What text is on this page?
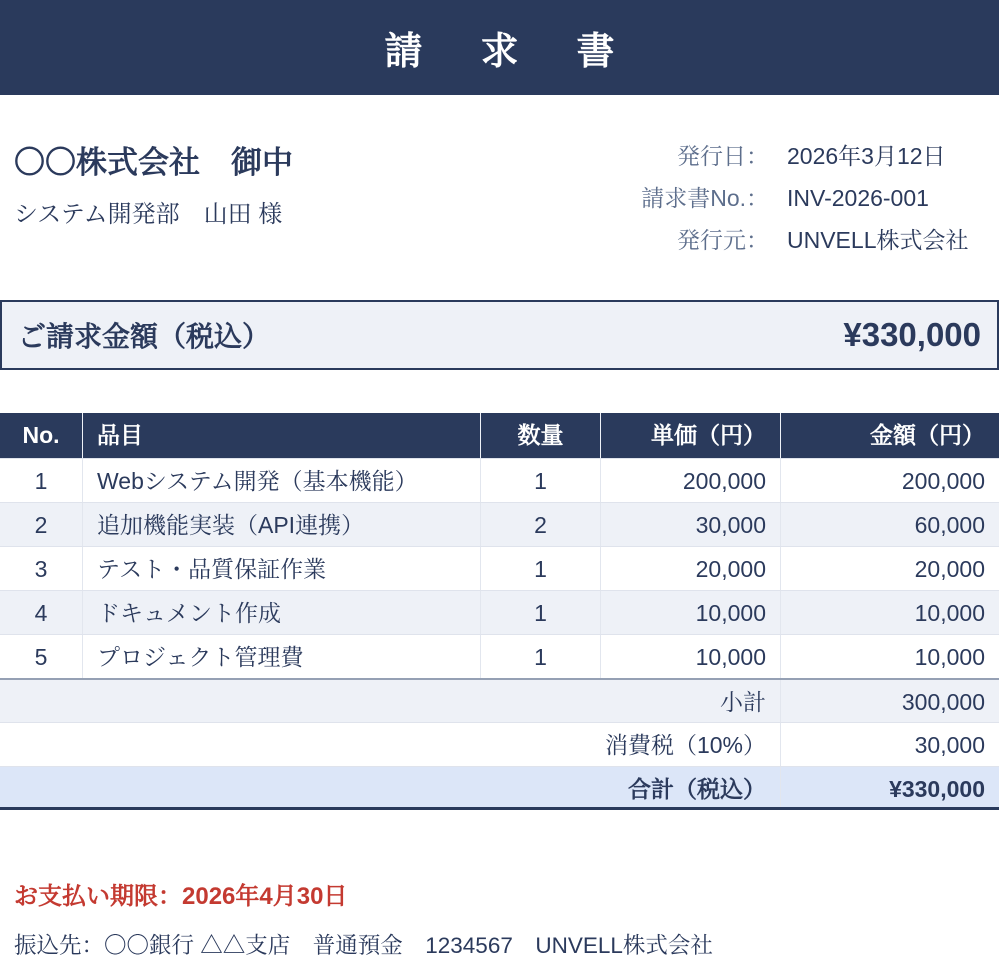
請　求　書
〇〇株式会社　御中
システム開発部　山田 様
発行日： 2026年3月12日
請求書No.： INV-2026-001
発行元： UNVELL株式会社
ご請求金額（税込）	¥330,000
No.	品目	数量	単価（円）	金額（円）
1	Webシステム開発（基本機能）	1	200,000	200,000
2	追加機能実装（API連携）	2	30,000	60,000
3	テスト・品質保証作業	1	20,000	20,000
4	ドキュメント作成	1	10,000	10,000
5	プロジェクト管理費	1	10,000	10,000
小計	300,000
消費税（10%）	30,000
合計（税込）	¥330,000
お支払い期限：2026年4月30日
振込先：〇〇銀行 △△支店　普通預金　1234567　UNVELL株式会社
